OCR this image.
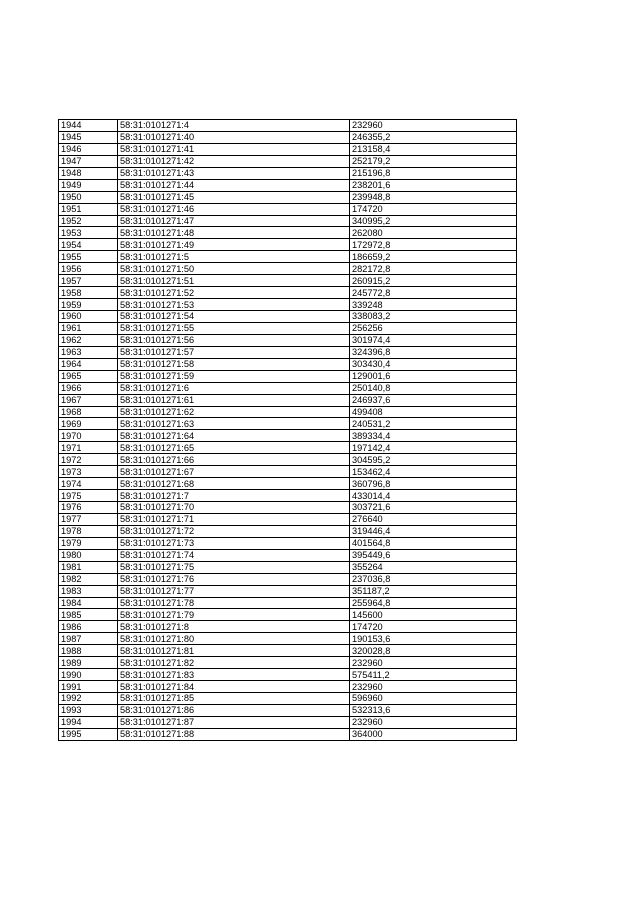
1944	58:31:0101271:4	232960
1945	58:31:0101271:40	246355,2
1946	58:31:0101271:41	213158,4
1947	58:31:0101271:42	252179,2
1948	58:31:0101271:43	215196,8
1949	58:31:0101271:44	238201,6
1950	58:31:0101271:45	239948,8
1951	58:31:0101271:46	174720
1952	58:31:0101271:47	340995,2
1953	58:31:0101271:48	262080
1954	58:31:0101271:49	172972,8
1955	58:31:0101271:5	186659,2
1956	58:31:0101271:50	282172,8
1957	58:31:0101271:51	260915,2
1958	58:31:0101271:52	245772,8
1959	58:31:0101271:53	339248
1960	58:31:0101271:54	338083,2
1961	58:31:0101271:55	256256
1962	58:31:0101271:56	301974,4
1963	58:31:0101271:57	324396,8
1964	58:31:0101271:58	303430,4
1965	58:31:0101271:59	129001,6
1966	58:31:0101271:6	250140,8
1967	58:31:0101271:61	246937,6
1968	58:31:0101271:62	499408
1969	58:31:0101271:63	240531,2
1970	58:31:0101271:64	389334,4
1971	58:31:0101271:65	197142,4
1972	58:31:0101271:66	304595,2
1973	58:31:0101271:67	153462,4
1974	58:31:0101271:68	360796,8
1975	58:31:0101271:7	433014,4
1976	58:31:0101271:70	303721,6
1977	58:31:0101271:71	276640
1978	58:31:0101271:72	319446,4
1979	58:31:0101271:73	401564,8
1980	58:31:0101271:74	395449,6
1981	58:31:0101271:75	355264
1982	58:31:0101271:76	237036,8
1983	58:31:0101271:77	351187,2
1984	58:31:0101271:78	255964,8
1985	58:31:0101271:79	145600
1986	58:31:0101271:8	174720
1987	58:31:0101271:80	190153,6
1988	58:31:0101271:81	320028,8
1989	58:31:0101271:82	232960
1990	58:31:0101271:83	575411,2
1991	58:31:0101271:84	232960
1992	58:31:0101271:85	596960
1993	58:31:0101271:86	532313,6
1994	58:31:0101271:87	232960
1995	58:31:0101271:88	364000
